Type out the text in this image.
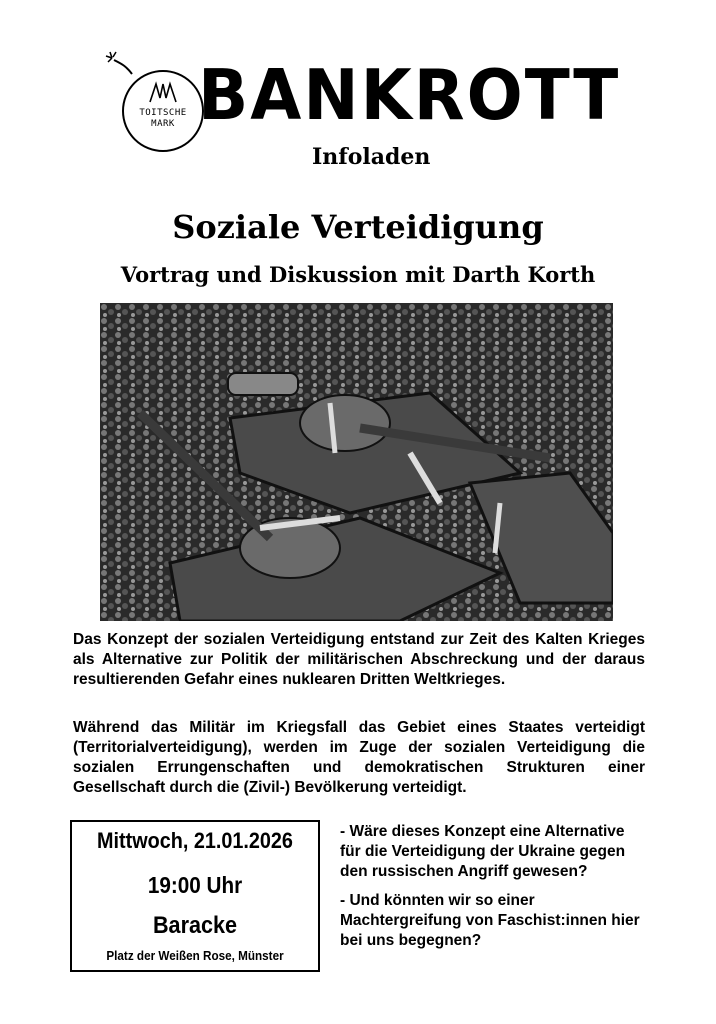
TOITSCHE
MARK BANKROTT
Infoladen
Soziale Verteidigung
Vortrag und Diskussion mit Darth Korth

Das Konzept der sozialen Verteidigung entstand zur Zeit des Kalten Krieges als Alternative zur Politik der militärischen Abschreckung und der daraus resultierenden Gefahr eines nuklearen Dritten Weltkrieges.

Während das Militär im Kriegsfall das Gebiet eines Staates verteidigt (Territorialverteidigung), werden im Zuge der sozialen Verteidigung die sozialen Errungenschaften und demokratischen Strukturen einer Gesellschaft durch die (Zivil-) Bevölkerung verteidigt.

Mittwoch, 21.01.2026
19:00 Uhr
Baracke
Platz der Weißen Rose, Münster

- Wäre dieses Konzept eine Alternative für die Verteidigung der Ukraine gegen den russischen Angriff gewesen?

- Und könnten wir so einer Machtergreifung von Faschist:innen hier bei uns begegnen?
